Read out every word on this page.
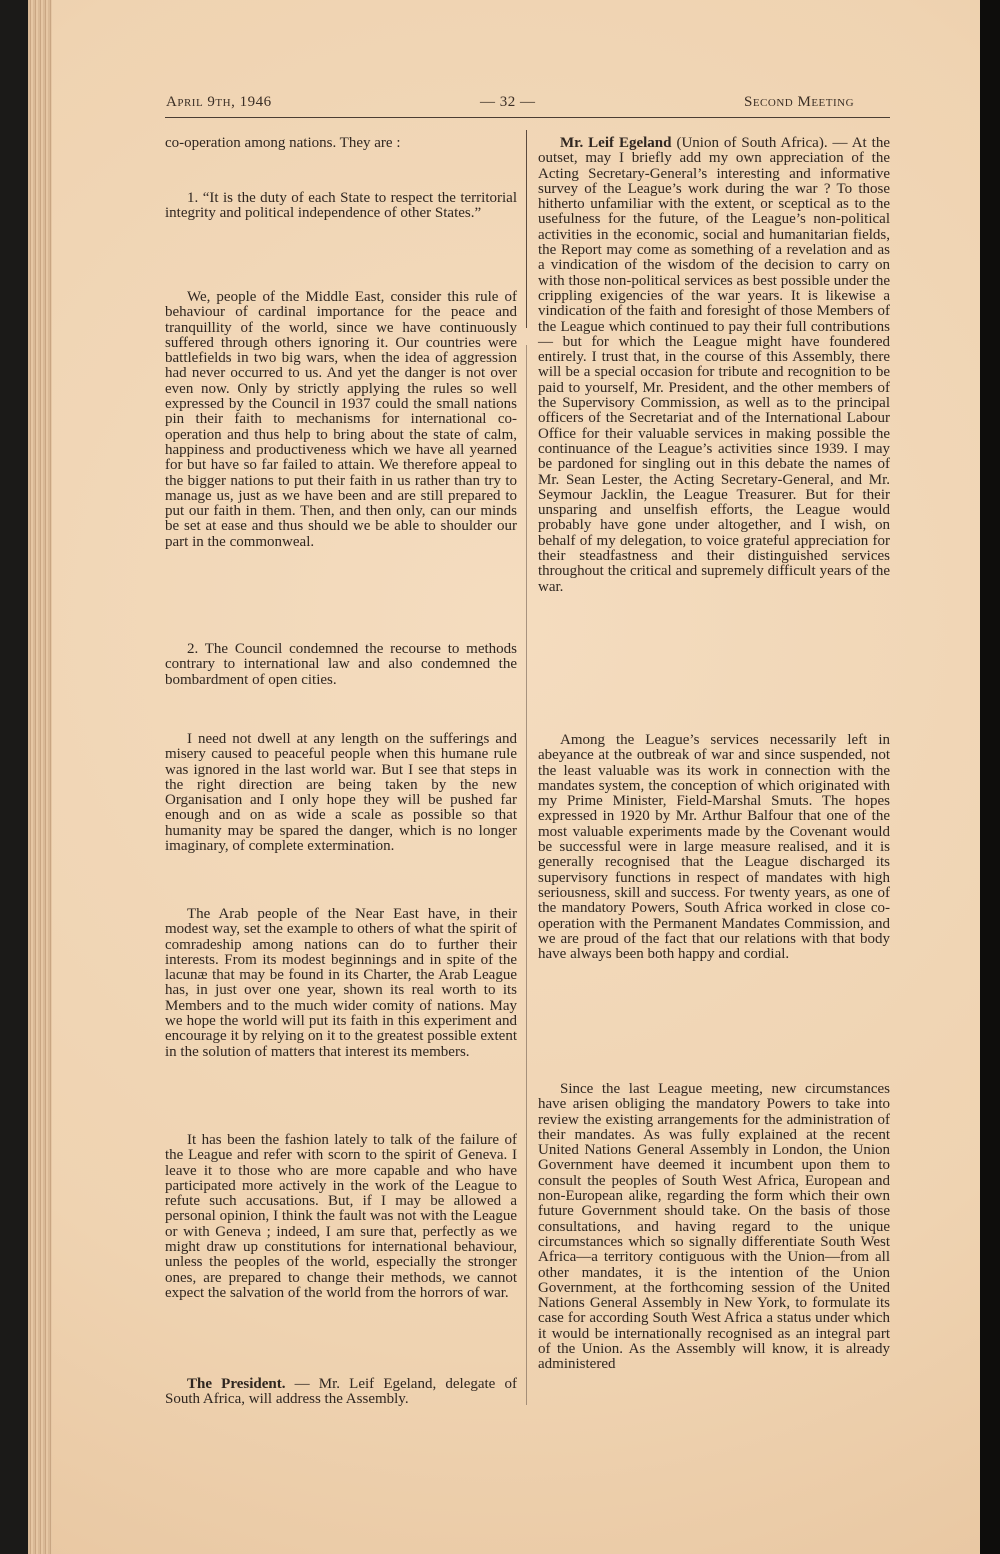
April 9th, 1946	— 32 —	Second Meeting
co-operation among nations. They are :
1. “It is the duty of each State to respect the territorial integrity and political independence of other States.”
We, people of the Middle East, consider this rule of behaviour of cardinal importance for the peace and tranquillity of the world, since we have continuously suffered through others ignoring it. Our countries were battlefields in two big wars, when the idea of aggression had never occurred to us. And yet the danger is not over even now. Only by strictly applying the rules so well expressed by the Council in 1937 could the small nations pin their faith to mechanisms for international co-operation and thus help to bring about the state of calm, happiness and productiveness which we have all yearned for but have so far failed to attain. We therefore appeal to the bigger nations to put their faith in us rather than try to manage us, just as we have been and are still prepared to put our faith in them. Then, and then only, can our minds be set at ease and thus should we be able to shoulder our part in the commonweal.
2. The Council condemned the recourse to methods contrary to international law and also condemned the bombardment of open cities.
I need not dwell at any length on the sufferings and misery caused to peaceful people when this humane rule was ignored in the last world war. But I see that steps in the right direction are being taken by the new Organisation and I only hope they will be pushed far enough and on as wide a scale as possible so that humanity may be spared the danger, which is no longer imaginary, of complete extermination.
The Arab people of the Near East have, in their modest way, set the example to others of what the spirit of comradeship among nations can do to further their interests. From its modest beginnings and in spite of the lacunæ that may be found in its Charter, the Arab League has, in just over one year, shown its real worth to its Members and to the much wider comity of nations. May we hope the world will put its faith in this experiment and encourage it by relying on it to the greatest possible extent in the solution of matters that interest its members.
It has been the fashion lately to talk of the failure of the League and refer with scorn to the spirit of Geneva. I leave it to those who are more capable and who have participated more actively in the work of the League to refute such accusations. But, if I may be allowed a personal opinion, I think the fault was not with the League or with Geneva ; indeed, I am sure that, perfectly as we might draw up constitutions for international behaviour, unless the peoples of the world, especially the stronger ones, are prepared to change their methods, we cannot expect the salvation of the world from the horrors of war.
The President. — Mr. Leif Egeland, delegate of South Africa, will address the Assembly.
Mr. Leif Egeland (Union of South Africa). — At the outset, may I briefly add my own appreciation of the Acting Secretary-General’s interesting and informative survey of the League’s work during the war ? To those hitherto unfamiliar with the extent, or sceptical as to the usefulness for the future, of the League’s non-political activities in the economic, social and humanitarian fields, the Report may come as something of a revelation and as a vindication of the wisdom of the decision to carry on with those non-political services as best possible under the crippling exigencies of the war years. It is likewise a vindication of the faith and foresight of those Members of the League which continued to pay their full contributions— but for which the League might have foundered entirely. I trust that, in the course of this Assembly, there will be a special occasion for tribute and recognition to be paid to yourself, Mr. President, and the other members of the Supervisory Commission, as well as to the principal officers of the Secretariat and of the International Labour Office for their valuable services in making possible the continuance of the League’s activities since 1939. I may be pardoned for singling out in this debate the names of Mr. Sean Lester, the Acting Secretary-General, and Mr. Seymour Jacklin, the League Treasurer. But for their unsparing and unselfish efforts, the League would probably have gone under altogether, and I wish, on behalf of my delegation, to voice grateful appreciation for their steadfastness and their distinguished services throughout the critical and supremely difficult years of the war.
Among the League’s services necessarily left in abeyance at the outbreak of war and since suspended, not the least valuable was its work in connection with the mandates system, the conception of which originated with my Prime Minister, Field-Marshal Smuts. The hopes expressed in 1920 by Mr. Arthur Balfour that one of the most valuable experiments made by the Covenant would be successful were in large measure realised, and it is generally recognised that the League discharged its supervisory functions in respect of mandates with high seriousness, skill and success. For twenty years, as one of the mandatory Powers, South Africa worked in close co-operation with the Permanent Mandates Commission, and we are proud of the fact that our relations with that body have always been both happy and cordial.
Since the last League meeting, new circumstances have arisen obliging the mandatory Powers to take into review the existing arrangements for the administration of their mandates. As was fully explained at the recent United Nations General Assembly in London, the Union Government have deemed it incumbent upon them to consult the peoples of South West Africa, European and non-European alike, regarding the form which their own future Government should take. On the basis of those consultations, and having regard to the unique circumstances which so signally differentiate South West Africa—a territory contiguous with the Union—from all other mandates, it is the intention of the Union Government, at the forthcoming session of the United Nations General Assembly in New York, to formulate its case for according South West Africa a status under which it would be internationally recognised as an integral part of the Union. As the Assembly will know, it is already administered
